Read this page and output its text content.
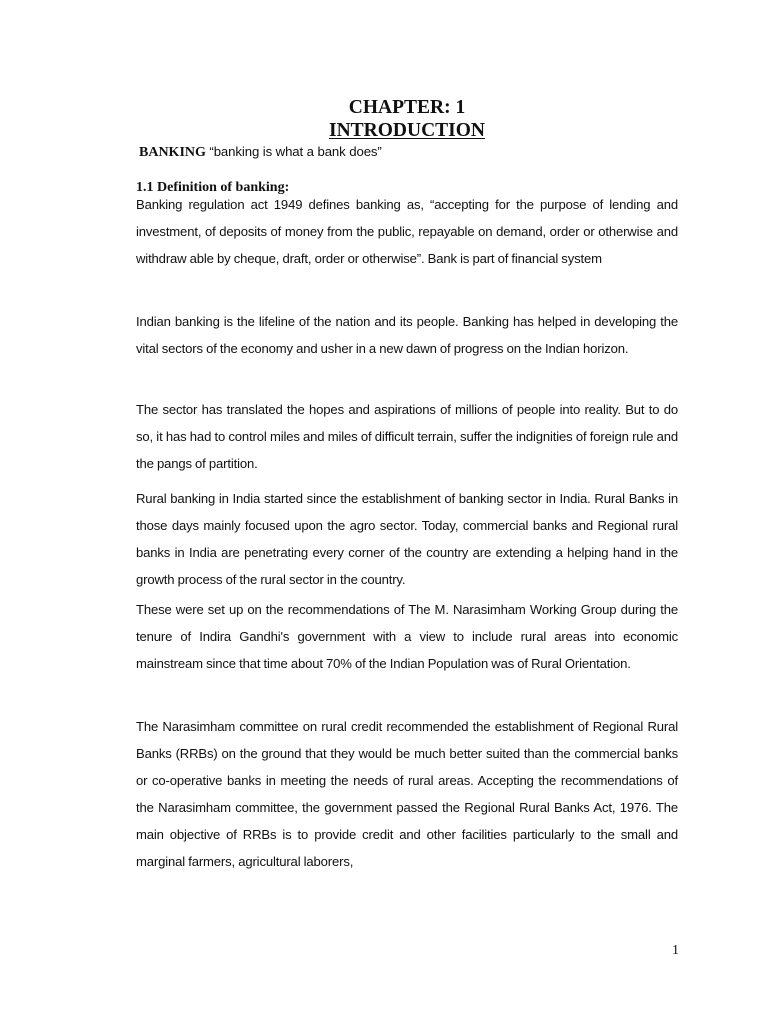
CHAPTER: 1
INTRODUCTION
BANKING “banking is what a bank does”
1.1 Definition of banking:

Banking regulation act 1949 defines banking as, “accepting for the purpose of lending and investment, of deposits of money from the public, repayable on demand, order or otherwise and withdraw able by cheque, draft, order or otherwise”. Bank is part of financial system

Indian banking is the lifeline of the nation and its people. Banking has helped in developing the vital sectors of the economy and usher in a new dawn of progress on the Indian horizon.

The sector has translated the hopes and aspirations of millions of people into reality. But to do so, it has had to control miles and miles of difficult terrain, suffer the indignities of foreign rule and the pangs of partition.

Rural banking in India started since the establishment of banking sector in India. Rural Banks in those days mainly focused upon the agro sector. Today, commercial banks and Regional rural banks in India are penetrating every corner of the country are extending a helping hand in the growth process of the rural sector in the country.

These were set up on the recommendations of The M. Narasimham Working Group during the tenure of Indira Gandhi's government with a view to include rural areas into economic mainstream since that time about 70% of the Indian Population was of Rural Orientation.

The Narasimham committee on rural credit recommended the establishment of Regional Rural Banks (RRBs) on the ground that they would be much better suited than the commercial banks or co-operative banks in meeting the needs of rural areas. Accepting the recommendations of the Narasimham committee, the government passed the Regional Rural Banks Act, 1976. The main objective of RRBs is to provide credit and other facilities particularly to the small and marginal farmers, agricultural laborers,

1
